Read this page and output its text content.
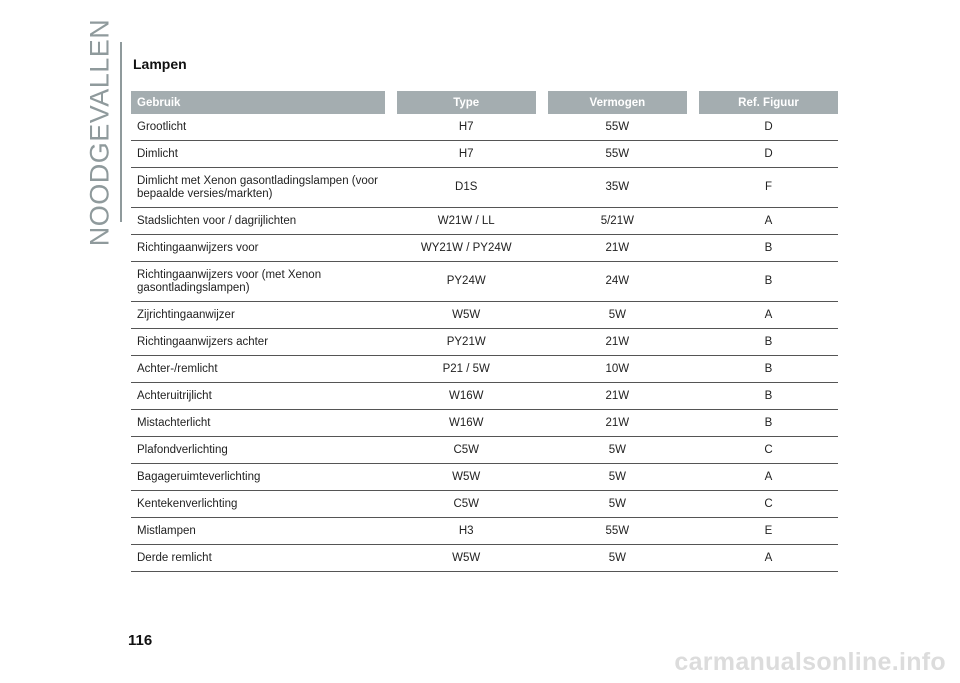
NOODGEVALLEN Lampen
Gebruik		Type		Vermogen		Ref. Figuur
Grootlicht		H7		55W		D
Dimlicht		H7		55W		D
Dimlicht met Xenon gasontladingslampen (voor bepaalde versies/markten)		D1S		35W		F
Stadslichten voor / dagrijlichten		W21W / LL		5/21W		A
Richtingaanwijzers voor		WY21W / PY24W		21W		B
Richtingaanwijzers voor (met Xenon gasontladingslampen)		PY24W		24W		B
Zijrichtingaanwijzer		W5W		5W		A
Richtingaanwijzers achter		PY21W		21W		B
Achter-/remlicht		P21 / 5W		10W		B
Achteruitrijlicht		W16W		21W		B
Mistachterlicht		W16W		21W		B
Plafondverlichting		C5W		5W		C
Bagageruimteverlichting		W5W		5W		A
Kentekenverlichting		C5W		5W		C
Mistlampen		H3		55W		E
Derde remlicht		W5W		5W		A
116
carmanualsonline.info
